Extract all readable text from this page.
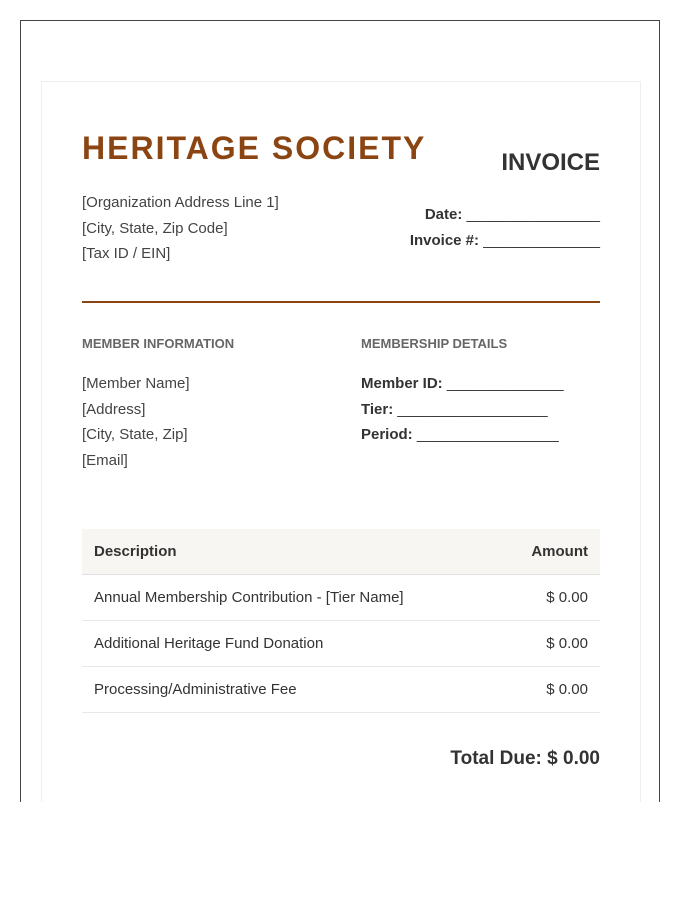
HERITAGE SOCIETY	INVOICE
[Organization Address Line 1]
[City, State, Zip Code]
[Tax ID / EIN]
Date: ________________
Invoice #: ______________
MEMBER INFORMATION	MEMBERSHIP DETAILS
[Member Name]
[Address]
[City, State, Zip]
[Email]
Member ID: ______________
Tier: __________________
Period: _________________
Description	Amount
Annual Membership Contribution - [Tier Name]	$ 0.00
Additional Heritage Fund Donation	$ 0.00
Processing/Administrative Fee	$ 0.00
Total Due: $ 0.00
